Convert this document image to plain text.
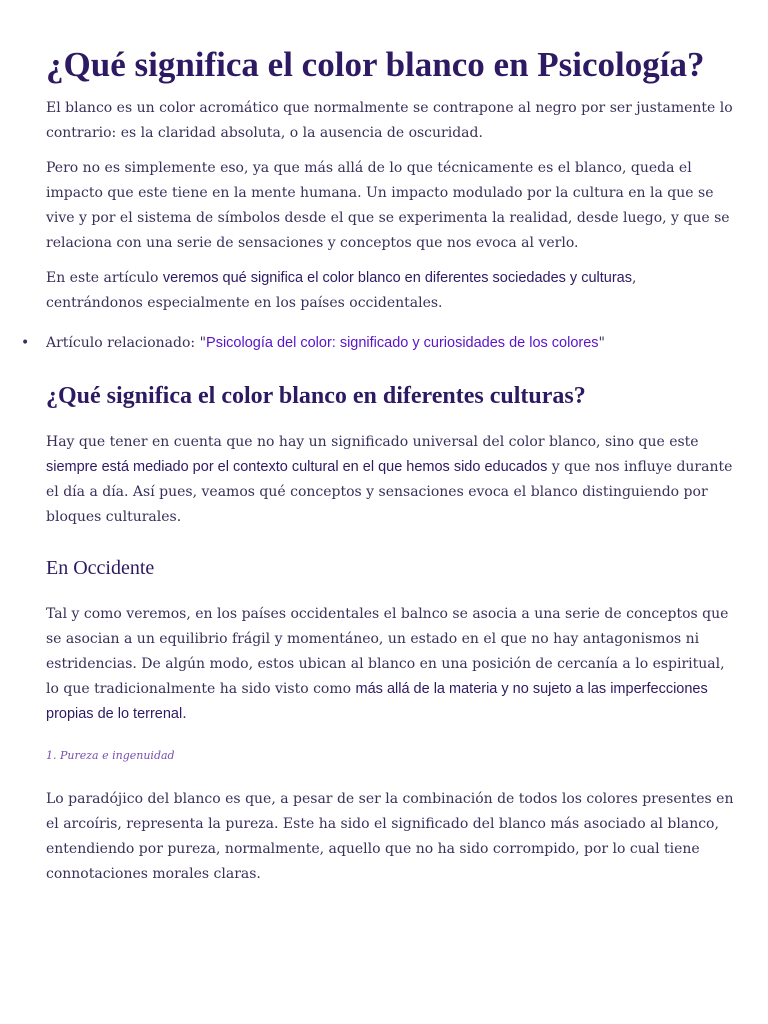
¿Qué significa el color blanco en Psicología?

El blanco es un color acromático que normalmente se contrapone al negro por ser justamente lo contrario: es la claridad absoluta, o la ausencia de oscuridad.

Pero no es simplemente eso, ya que más allá de lo que técnicamente es el blanco, queda el impacto que este tiene en la mente humana. Un impacto modulado por la cultura en la que se vive y por el sistema de símbolos desde el que se experimenta la realidad, desde luego, y que se relaciona con una serie de sensaciones y conceptos que nos evoca al verlo.

En este artículo veremos qué significa el color blanco en diferentes sociedades y culturas, centrándonos especialmente en los países occidentales.

• Artículo relacionado: "Psicología del color: significado y curiosidades de los colores"
¿Qué significa el color blanco en diferentes culturas?

Hay que tener en cuenta que no hay un significado universal del color blanco, sino que este siempre está mediado por el contexto cultural en el que hemos sido educados y que nos influye durante el día a día. Así pues, veamos qué conceptos y sensaciones evoca el blanco distinguiendo por bloques culturales.

En Occidente

Tal y como veremos, en los países occidentales el balnco se asocia a una serie de conceptos que se asocian a un equilibrio frágil y momentáneo, un estado en el que no hay antagonismos ni estridencias. De algún modo, estos ubican al blanco en una posición de cercanía a lo espiritual, lo que tradicionalmente ha sido visto como más allá de la materia y no sujeto a las imperfecciones propias de lo terrenal.

1. Pureza e ingenuidad

Lo paradójico del blanco es que, a pesar de ser la combinación de todos los colores presentes en el arcoíris, representa la pureza. Este ha sido el significado del blanco más asociado al blanco, entendiendo por pureza, normalmente, aquello que no ha sido corrompido, por lo cual tiene connotaciones morales claras.
